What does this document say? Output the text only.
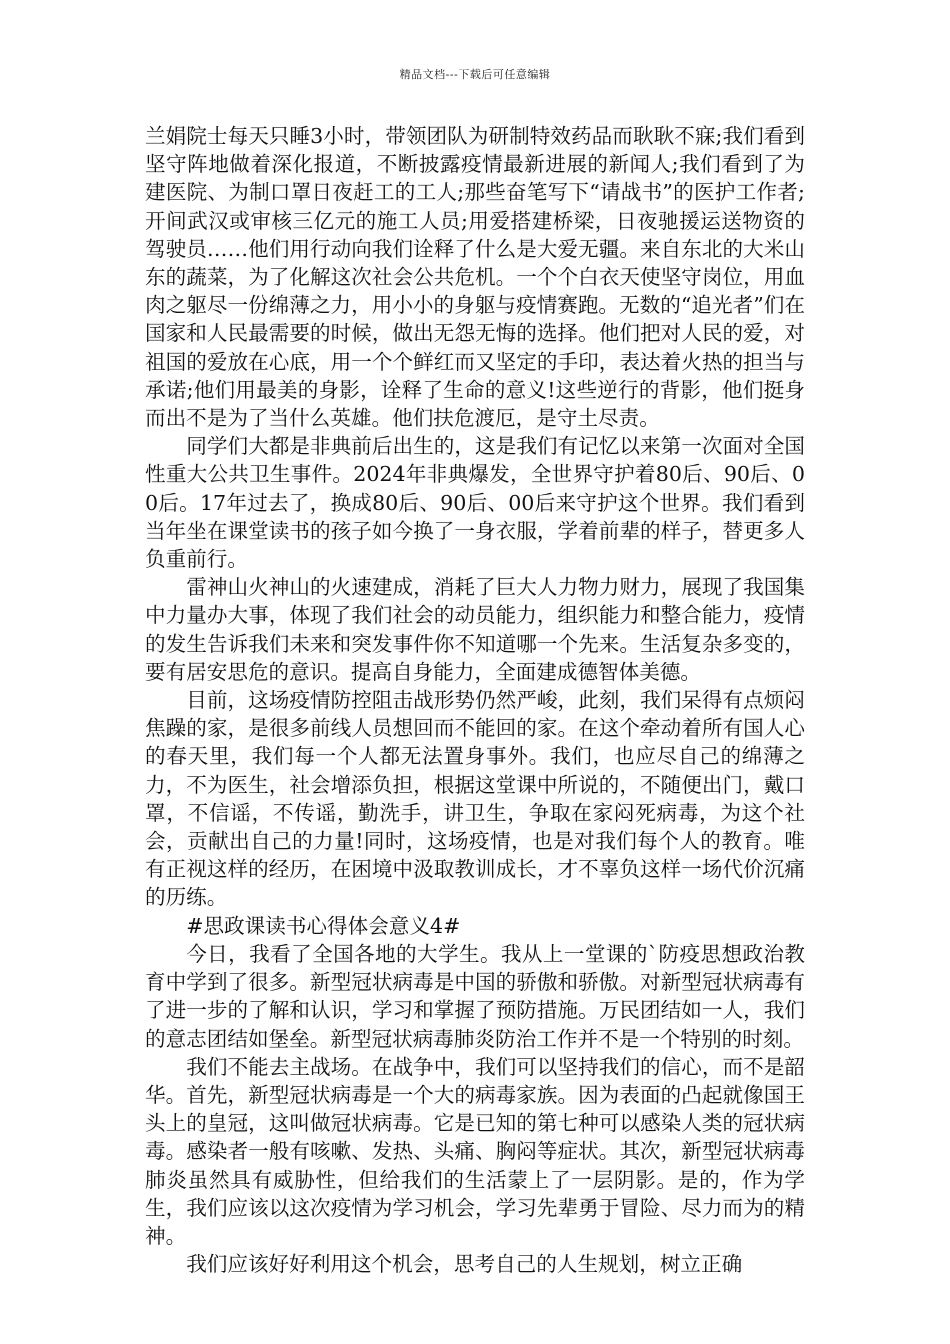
精品文档---下载后可任意编辑

兰娟院士每天只睡3小时，带领团队为研制特效药品而耿耿不寐;我们看到坚守阵地做着深化报道，不断披露疫情最新进展的新闻人;我们看到了为建医院、为制口罩日夜赶工的工人;那些奋笔写下“请战书”的医护工作者;开间武汉或审核三亿元的施工人员;用爱搭建桥梁，日夜驰援运送物资的驾驶员……他们用行动向我们诠释了什么是大爱无疆。来自东北的大米山东的蔬菜，为了化解这次社会公共危机。一个个白衣天使坚守岗位，用血肉之躯尽一份绵薄之力，用小小的身躯与疫情赛跑。无数的“追光者”们在国家和人民最需要的时候，做出无怨无悔的选择。他们把对人民的爱，对祖国的爱放在心底，用一个个鲜红而又坚定的手印，表达着火热的担当与承诺;他们用最美的身影，诠释了生命的意义!这些逆行的背影，他们挺身而出不是为了当什么英雄。他们扶危渡厄，是守土尽责。

同学们大都是非典前后出生的，这是我们有记忆以来第一次面对全国性重大公共卫生事件。2024年非典爆发，全世界守护着80后、90后、00后。17年过去了，换成80后、90后、00后来守护这个世界。我们看到当年坐在课堂读书的孩子如今换了一身衣服，学着前辈的样子，替更多人负重前行。

雷神山火神山的火速建成，消耗了巨大人力物力财力，展现了我国集中力量办大事，体现了我们社会的动员能力，组织能力和整合能力，疫情的发生告诉我们未来和突发事件你不知道哪一个先来。生活复杂多变的，要有居安思危的意识。提高自身能力，全面建成德智体美德。

目前，这场疫情防控阻击战形势仍然严峻，此刻，我们呆得有点烦闷焦躁的家，是很多前线人员想回而不能回的家。在这个牵动着所有国人心的春天里，我们每一个人都无法置身事外。我们，也应尽自己的绵薄之力，不为医生，社会增添负担，根据这堂课中所说的，不随便出门，戴口罩，不信谣，不传谣，勤洗手，讲卫生，争取在家闷死病毒，为这个社会，贡献出自己的力量!同时，这场疫情，也是对我们每个人的教育。唯有正视这样的经历，在困境中汲取教训成长，才不辜负这样一场代价沉痛的历练。

#思政课读书心得体会意义4#

今日，我看了全国各地的大学生。我从上一堂课的`防疫思想政治教育中学到了很多。新型冠状病毒是中国的骄傲和骄傲。对新型冠状病毒有了进一步的了解和认识，学习和掌握了预防措施。万民团结如一人，我们的意志团结如堡垒。新型冠状病毒肺炎防治工作并不是一个特别的时刻。

我们不能去主战场。在战争中，我们可以坚持我们的信心，而不是韶华。首先，新型冠状病毒是一个大的病毒家族。因为表面的凸起就像国王头上的皇冠，这叫做冠状病毒。它是已知的第七种可以感染人类的冠状病毒。感染者一般有咳嗽、发热、头痛、胸闷等症状。其次，新型冠状病毒肺炎虽然具有威胁性，但给我们的生活蒙上了一层阴影。是的，作为学生，我们应该以这次疫情为学习机会，学习先辈勇于冒险、尽力而为的精神。

我们应该好好利用这个机会，思考自己的人生规划，树立正确
